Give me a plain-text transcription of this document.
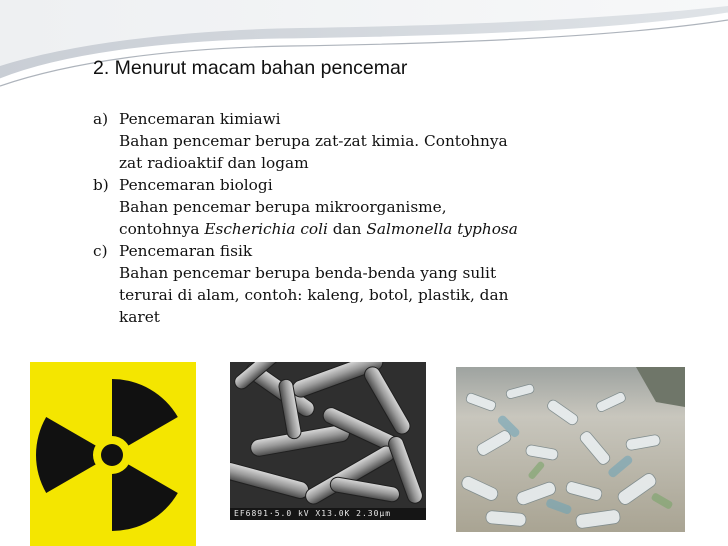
2. Menurut macam bahan pencemar
a) Pencemaran kimiawi
Bahan pencemar berupa zat-zat kimia. Contohnya
zat radioaktif dan logam
b) Pencemaran biologi
Bahan pencemar berupa mikroorganisme,
contohnya Escherichia coli dan Salmonella typhosa
c) Pencemaran fisik
Bahan pencemar berupa benda-benda yang sulit
terurai di alam, contoh: kaleng, botol, plastik, dan
karet
EF6891·5.0 kV X13.0K 2.30µm
